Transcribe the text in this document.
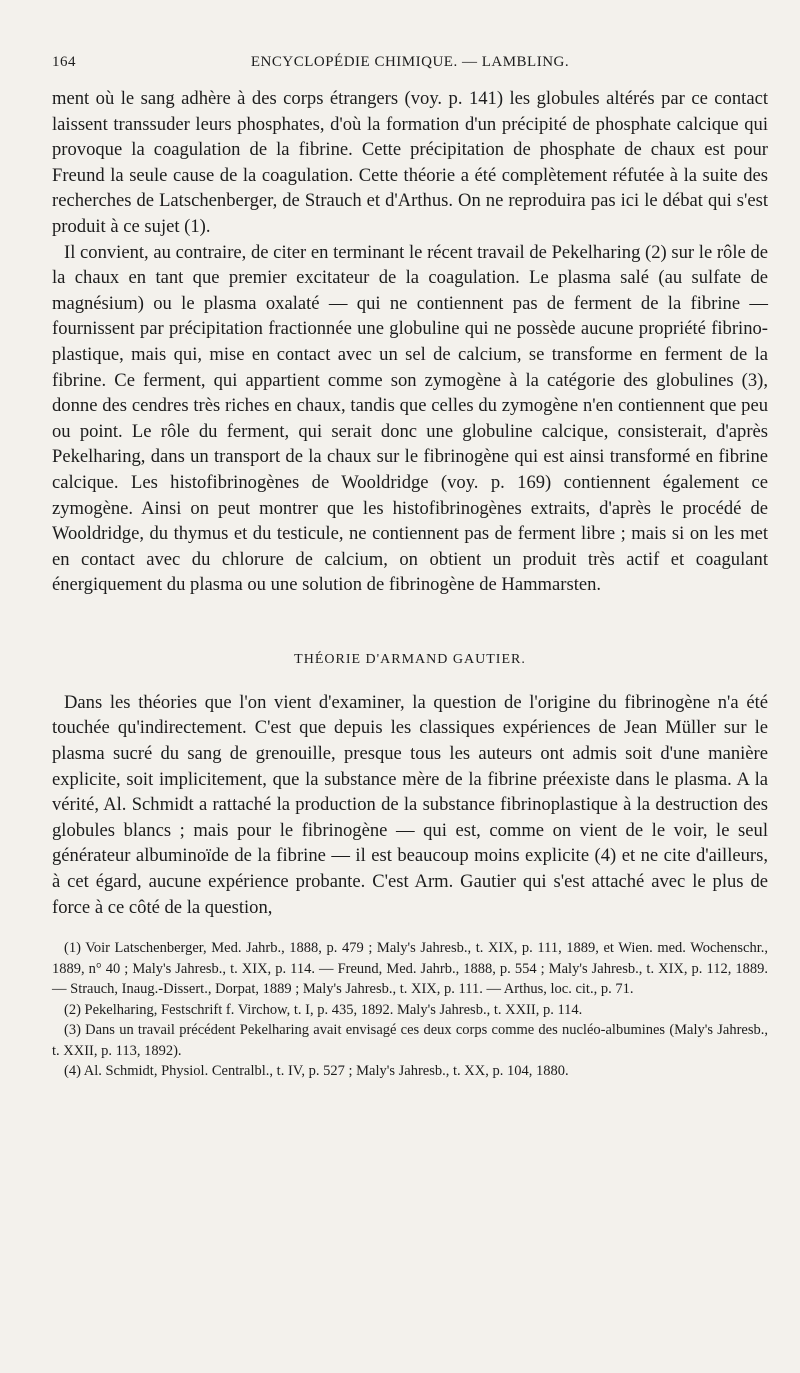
164	ENCYCLOPÉDIE CHIMIQUE. — LAMBLING.

ment où le sang adhère à des corps étrangers (voy. p. 141) les globules altérés par ce contact laissent transsuder leurs phosphates, d'où la formation d'un précipité de phosphate calcique qui provoque la coagulation de la fibrine. Cette précipitation de phosphate de chaux est pour Freund la seule cause de la coagulation. Cette théorie a été complètement réfutée à la suite des recherches de Latschenberger, de Strauch et d'Arthus. On ne reproduira pas ici le débat qui s'est produit à ce sujet (1).

Il convient, au contraire, de citer en terminant le récent travail de Pekelharing (2) sur le rôle de la chaux en tant que premier excitateur de la coagulation. Le plasma salé (au sulfate de magnésium) ou le plasma oxalaté — qui ne contiennent pas de ferment de la fibrine — fournissent par précipitation fractionnée une globuline qui ne possède aucune propriété fibrino-plastique, mais qui, mise en contact avec un sel de calcium, se transforme en ferment de la fibrine. Ce ferment, qui appartient comme son zymogène à la catégorie des globulines (3), donne des cendres très riches en chaux, tandis que celles du zymogène n'en contiennent que peu ou point. Le rôle du ferment, qui serait donc une globuline calcique, consisterait, d'après Pekelharing, dans un transport de la chaux sur le fibrinogène qui est ainsi transformé en fibrine calcique. Les histofibrinogènes de Wooldridge (voy. p. 169) contiennent également ce zymogène. Ainsi on peut montrer que les histofibrinogènes extraits, d'après le procédé de Wooldridge, du thymus et du testicule, ne contiennent pas de ferment libre ; mais si on les met en contact avec du chlorure de calcium, on obtient un produit très actif et coagulant énergiquement du plasma ou une solution de fibrinogène de Hammarsten.

THÉORIE D'ARMAND GAUTIER.

Dans les théories que l'on vient d'examiner, la question de l'origine du fibrinogène n'a été touchée qu'indirectement. C'est que depuis les classiques expériences de Jean Müller sur le plasma sucré du sang de grenouille, presque tous les auteurs ont admis soit d'une manière explicite, soit implicitement, que la substance mère de la fibrine préexiste dans le plasma. A la vérité, Al. Schmidt a rattaché la production de la substance fibrinoplastique à la destruction des globules blancs ; mais pour le fibrinogène — qui est, comme on vient de le voir, le seul générateur albuminoïde de la fibrine — il est beaucoup moins explicite (4) et ne cite d'ailleurs, à cet égard, aucune expérience probante. C'est Arm. Gautier qui s'est attaché avec le plus de force à ce côté de la question,

(1) Voir Latschenberger, Med. Jahrb., 1888, p. 479 ; Maly's Jahresb., t. XIX, p. 111, 1889, et Wien. med. Wochenschr., 1889, n° 40 ; Maly's Jahresb., t. XIX, p. 114. — Freund, Med. Jahrb., 1888, p. 554 ; Maly's Jahresb., t. XIX, p. 112, 1889. — Strauch, Inaug.-Dissert., Dorpat, 1889 ; Maly's Jahresb., t. XIX, p. 111. — Arthus, loc. cit., p. 71.

(2) Pekelharing, Festschrift f. Virchow, t. I, p. 435, 1892. Maly's Jahresb., t. XXII, p. 114.

(3) Dans un travail précédent Pekelharing avait envisagé ces deux corps comme des nucléo-albumines (Maly's Jahresb., t. XXII, p. 113, 1892).

(4) Al. Schmidt, Physiol. Centralbl., t. IV, p. 527 ; Maly's Jahresb., t. XX, p. 104, 1880.
